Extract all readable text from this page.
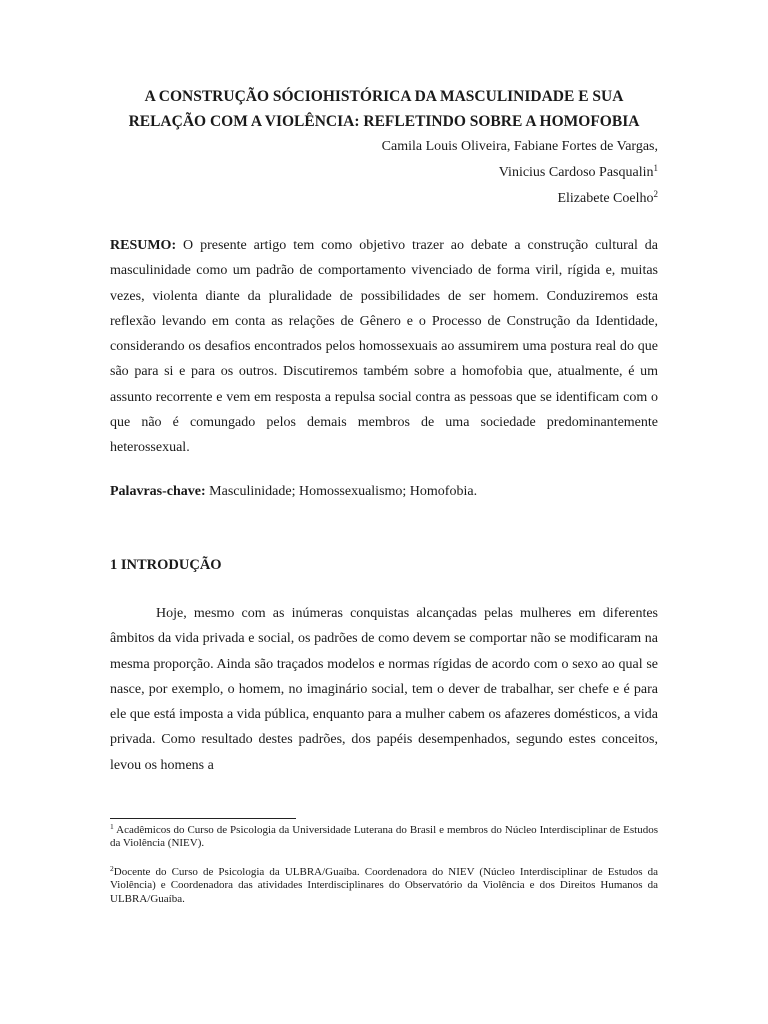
A CONSTRUÇÃO SÓCIOHISTÓRICA DA MASCULINIDADE E SUA
RELAÇÃO COM A VIOLÊNCIA: REFLETINDO SOBRE A HOMOFOBIA
Camila Louis Oliveira, Fabiane Fortes de Vargas,
Vinicius Cardoso Pasqualin$^1$
Elizabete Coelho$^2$

RESUMO: O presente artigo tem como objetivo trazer ao debate a construção cultural da masculinidade como um padrão de comportamento vivenciado de forma viril, rígida e, muitas vezes, violenta diante da pluralidade de possibilidades de ser homem. Conduziremos esta reflexão levando em conta as relações de Gênero e o Processo de Construção da Identidade, considerando os desafios encontrados pelos homossexuais ao assumirem uma postura real do que são para si e para os outros. Discutiremos também sobre a homofobia que, atualmente, é um assunto recorrente e vem em resposta a repulsa social contra as pessoas que se identificam com o que não é comungado pelos demais membros de uma sociedade predominantemente heterossexual.

Palavras-chave: Masculinidade; Homossexualismo; Homofobia.

1 INTRODUÇÃO

Hoje, mesmo com as inúmeras conquistas alcançadas pelas mulheres em diferentes âmbitos da vida privada e social, os padrões de como devem se comportar não se modificaram na mesma proporção. Ainda são traçados modelos e normas rígidas de acordo com o sexo ao qual se nasce, por exemplo, o homem, no imaginário social, tem o dever de trabalhar, ser chefe e é para ele que está imposta a vida pública, enquanto para a mulher cabem os afazeres domésticos, a vida privada. Como resultado destes padrões, dos papéis desempenhados, segundo estes conceitos, levou os homens a

$^1$ Acadêmicos do Curso de Psicologia da Universidade Luterana do Brasil e membros do Núcleo Interdisciplinar de Estudos da Violência (NIEV).

$^2$Docente do Curso de Psicologia da ULBRA/Guaíba. Coordenadora do NIEV (Núcleo Interdisciplinar de Estudos da Violência) e Coordenadora das atividades Interdisciplinares do Observatório da Violência e dos Direitos Humanos da ULBRA/Guaíba.
